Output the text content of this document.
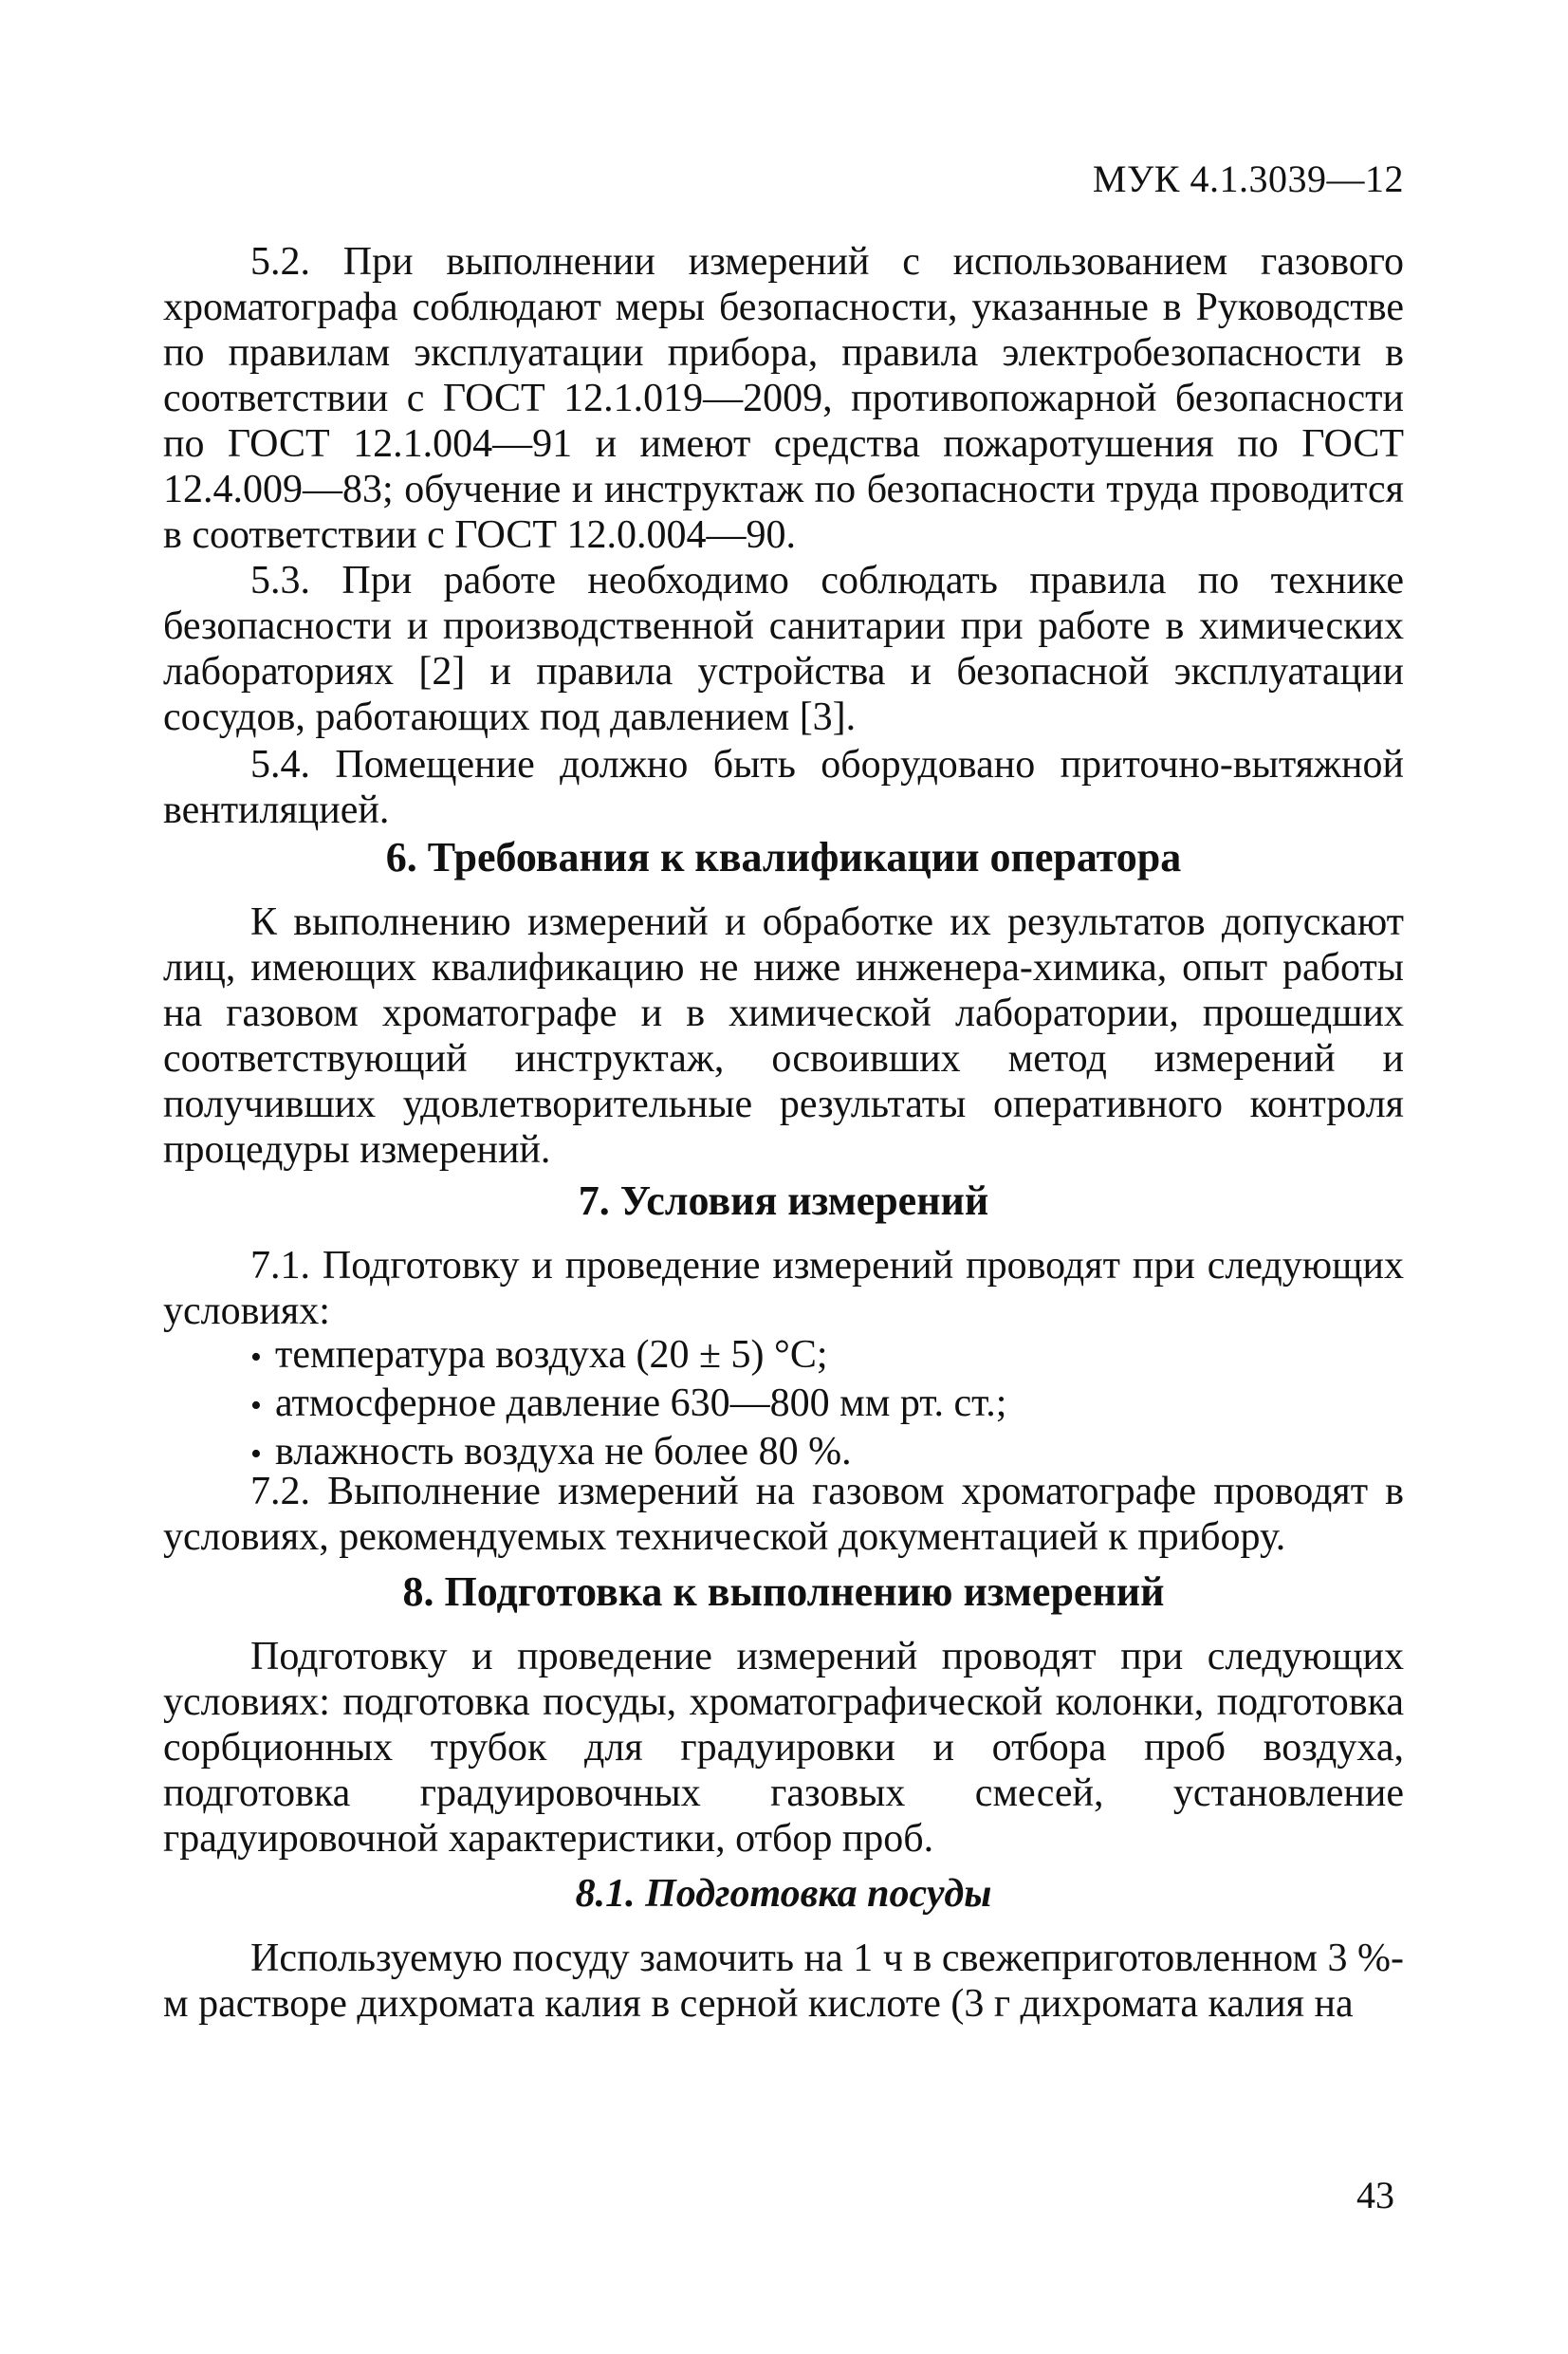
МУК 4.1.3039—12

5.2. При выполнении измерений с использованием газового хроматографа соблюдают меры безопасности, указанные в Руководстве по правилам эксплуатации прибора, правила электробезопасности в соответствии с ГОСТ 12.1.019—2009, противопожарной безопасности по ГОСТ 12.1.004—91 и имеют средства пожаротушения по ГОСТ 12.4.009—83; обучение и инструктаж по безопасности труда проводится в соответствии с ГОСТ 12.0.004—90.

5.3. При работе необходимо соблюдать правила по технике безопасности и производственной санитарии при работе в химических лабораториях [2] и правила устройства и безопасной эксплуатации сосудов, работающих под давлением [3].

5.4. Помещение должно быть оборудовано приточно-вытяжной вентиляцией.

6. Требования к квалификации оператора

К выполнению измерений и обработке их результатов допускают лиц, имеющих квалификацию не ниже инженера-химика, опыт работы на газовом хроматографе и в химической лаборатории, прошедших соответствующий инструктаж, освоивших метод измерений и получивших удовлетворительные результаты оперативного контроля процедуры измерений.

7. Условия измерений

7.1. Подготовку и проведение измерений проводят при следующих условиях:

• температура воздуха (20 ± 5) °С;
• атмосферное давление 630—800 мм рт. ст.;
• влажность воздуха не более 80 %.

7.2. Выполнение измерений на газовом хроматографе проводят в условиях, рекомендуемых технической документацией к прибору.

8. Подготовка к выполнению измерений

Подготовку и проведение измерений проводят при следующих условиях: подготовка посуды, хроматографической колонки, подготовка сорбционных трубок для градуировки и отбора проб воздуха, подготовка градуировочных газовых смесей, установление градуировочной характеристики, отбор проб.

8.1. Подготовка посуды

Используемую посуду замочить на 1 ч в свежеприготовленном 3 %-м растворе дихромата калия в серной кислоте (3 г дихромата калия на

43
